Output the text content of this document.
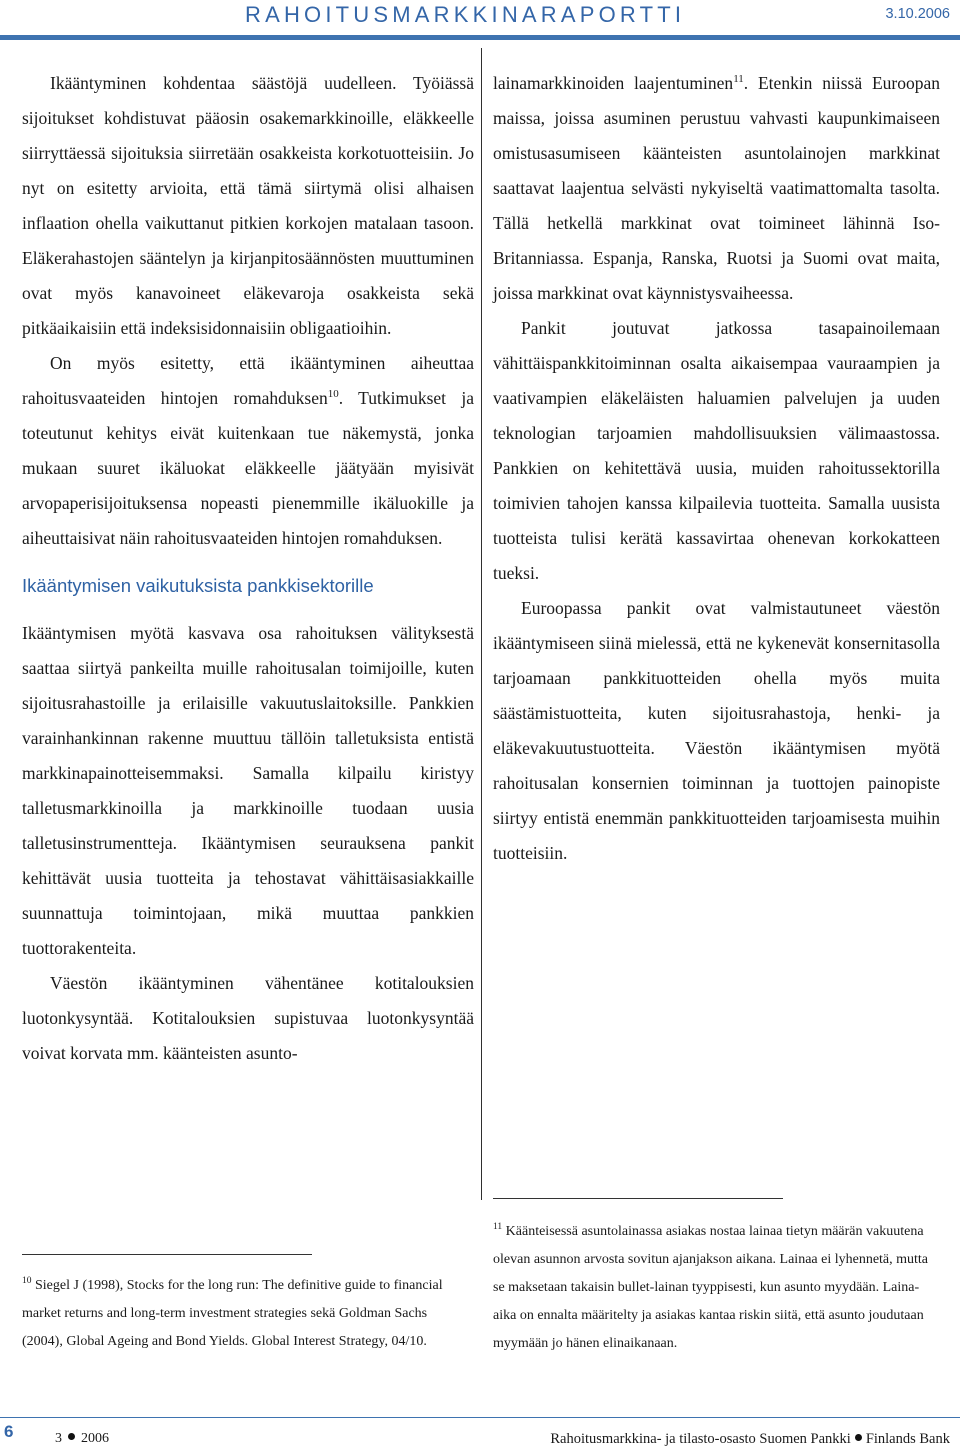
RAHOITUSMARKKINARAPORTTI	3.10.2006

Ikääntyminen kohdentaa säästöjä uudelleen. Työiässä sijoitukset kohdistuvat pääosin osakemarkkinoille, eläkkeelle siirryttäessä sijoituksia siirretään osakkeista korkotuotteisiin. Jo nyt on esitetty arvioita, että tämä siirtymä olisi alhaisen inflaation ohella vaikuttanut pitkien korkojen matalaan tasoon. Eläkerahastojen sääntelyn ja kirjanpitosäännösten muuttuminen ovat myös kanavoineet eläkevaroja osakkeista sekä pitkäaikaisiin että indeksisidonnaisiin obligaatioihin.

On myös esitetty, että ikääntyminen aiheuttaa rahoitusvaateiden hintojen romahduksen$^{10}$. Tutkimukset ja toteutunut kehitys eivät kuitenkaan tue näkemystä, jonka mukaan suuret ikäluokat eläkkeelle jäätyään myisivät arvopaperisijoituksensa nopeasti pienemmille ikäluokille ja aiheuttaisivat näin rahoitusvaateiden hintojen romahduksen.

Ikääntymisen vaikutuksista pankkisektorille

Ikääntymisen myötä kasvava osa rahoituksen välityksestä saattaa siirtyä pankeilta muille rahoitusalan toimijoille, kuten sijoitusrahastoille ja erilaisille vakuutuslaitoksille. Pankkien varainhankinnan rakenne muuttuu tällöin talletuksista entistä markkinapainotteisemmaksi. Samalla kilpailu kiristyy talletusmarkkinoilla ja markkinoille tuodaan uusia talletusinstrumentteja. Ikääntymisen seurauksena pankit kehittävät uusia tuotteita ja tehostavat vähittäisasiakkaille suunnattuja toimintojaan, mikä muuttaa pankkien tuottorakenteita.

Väestön ikääntyminen vähentänee kotitalouksien luotonkysyntää. Kotitalouksien supistuvaa luotonkysyntää voivat korvata mm. käänteisten asunto-

lainamarkkinoiden laajentuminen$^{11}$. Etenkin niissä Euroopan maissa, joissa asuminen perustuu vahvasti kaupunkimaiseen omistusasumiseen käänteisten asuntolainojen markkinat saattavat laajentua selvästi nykyiseltä vaatimattomalta tasolta. Tällä hetkellä markkinat ovat toimineet lähinnä Iso-Britanniassa. Espanja, Ranska, Ruotsi ja Suomi ovat maita, joissa markkinat ovat käynnistysvaiheessa.

Pankit joutuvat jatkossa tasapainoilemaan vähittäispankkitoiminnan osalta aikaisempaa vauraampien ja vaativampien eläkeläisten haluamien palvelujen ja uuden teknologian tarjoamien mahdollisuuksien välimaastossa. Pankkien on kehitettävä uusia, muiden rahoitussektorilla toimivien tahojen kanssa kilpailevia tuotteita. Samalla uusista tuotteista tulisi kerätä kassavirtaa ohenevan korkokatteen tueksi.

Euroopassa pankit ovat valmistautuneet väestön ikääntymiseen siinä mielessä, että ne kykenevät konsernitasolla tarjoamaan pankkituotteiden ohella myös muita säästämistuotteita, kuten sijoitusrahastoja, henki- ja eläkevakuutustuotteita. Väestön ikääntymisen myötä rahoitusalan konsernien toiminnan ja tuottojen painopiste siirtyy entistä enemmän pankkituotteiden tarjoamisesta muihin tuotteisiin.

$^{11}$ Käänteisessä asuntolainassa asiakas nostaa lainaa tietyn määrän vakuutena olevan asunnon arvosta sovitun ajanjakson aikana. Lainaa ei lyhennetä, mutta se maksetaan takaisin bullet-lainan tyyppisesti, kun asunto myydään. Laina-aika on ennalta määritelty ja asiakas kantaa riskin siitä, että asunto joudutaan myymään jo hänen elinaikanaan.

$^{10}$ Siegel J (1998), Stocks for the long run: The definitive guide to financial market returns and long-term investment strategies sekä Goldman Sachs (2004), Global Ageing and Bond Yields. Global Interest Strategy, 04/10.

6	3 2006	Rahoitusmarkkina- ja tilasto-osasto Suomen Pankki Finlands Bank
